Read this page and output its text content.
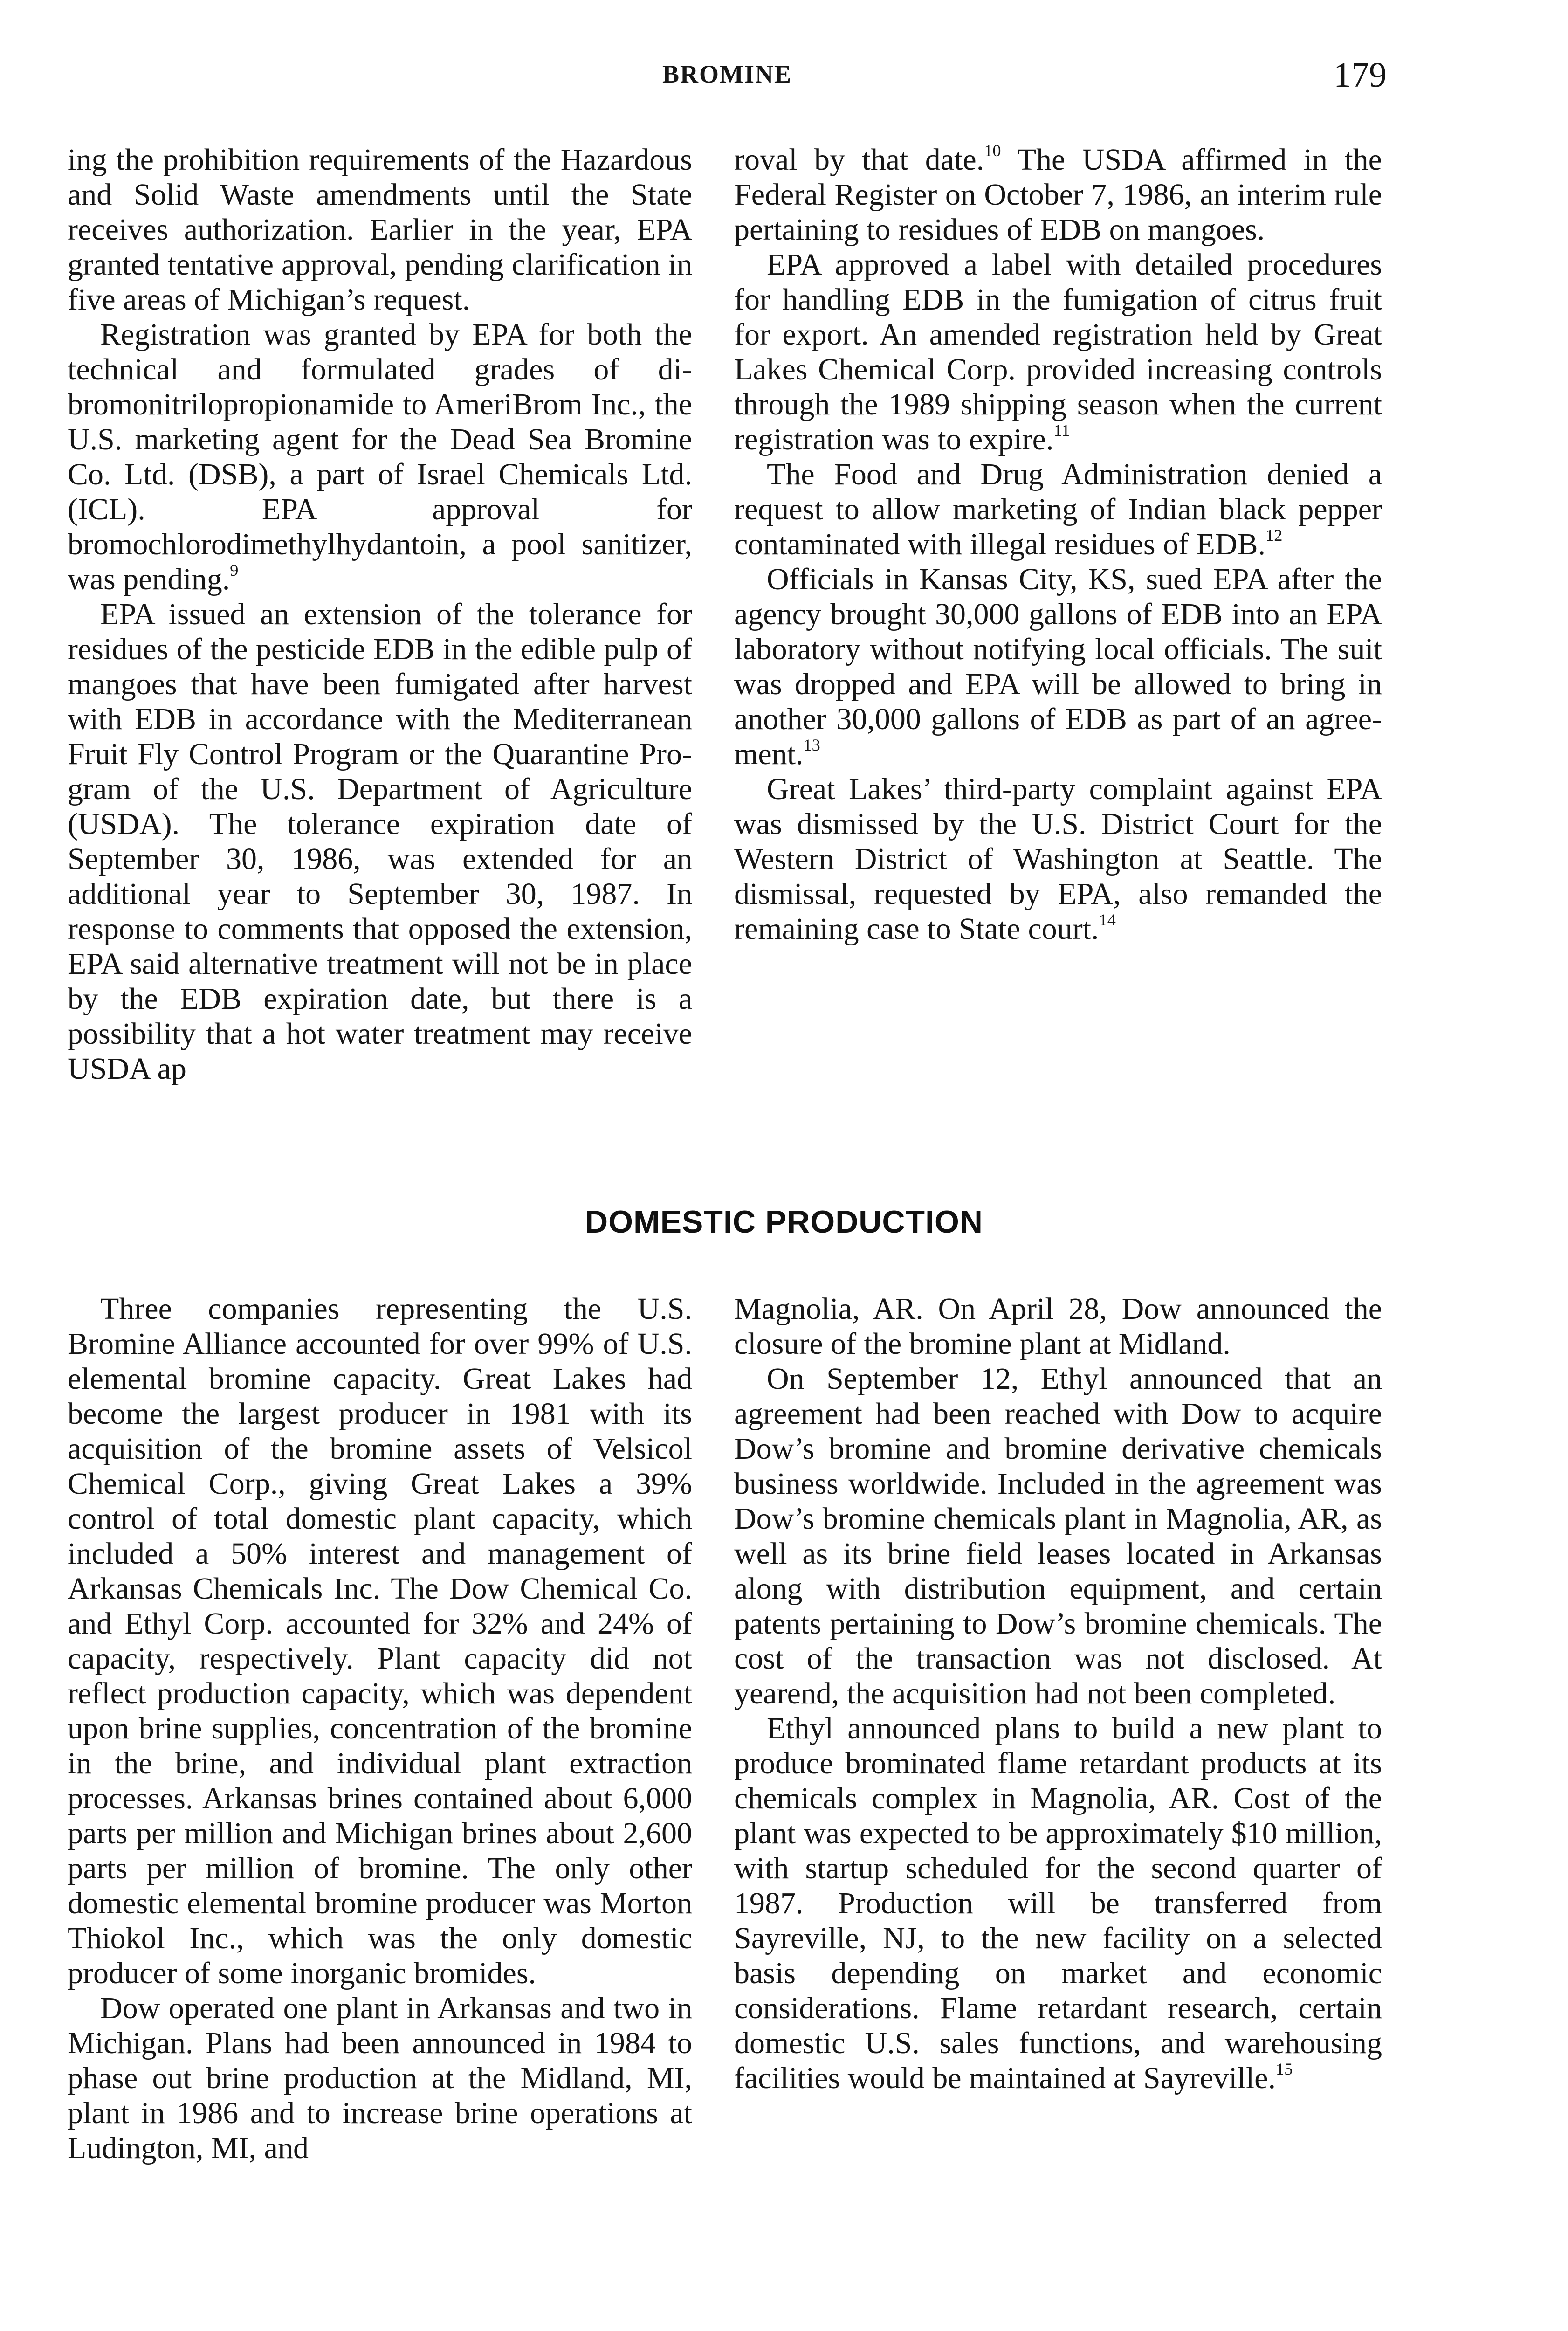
BROMINE	179

ing the prohibition requirements of the Hazardous and Solid Waste amendments until the State receives authorization. Earlier in the year, EPA granted tentative approval, pending clarification in five areas of Michigan’s request.

Registration was granted by EPA for both the technical and formulated grades of dibromonitrilopropionamide to AmeriBrom Inc., the U.S. marketing agent for the Dead Sea Bromine Co. Ltd. (DSB), a part of Israel Chemicals Ltd. (ICL). EPA approval for bromochlorodimethylhydantoin, a pool sanitizer, was pending.$^9$

EPA issued an extension of the tolerance for residues of the pesticide EDB in the edible pulp of mangoes that have been fumigated after harvest with EDB in accordance with the Mediterranean Fruit Fly Control Program or the Quarantine Program of the U.S. Department of Agriculture (USDA). The tolerance expiration date of September 30, 1986, was extended for an additional year to September 30, 1987. In response to comments that opposed the extension, EPA said alternative treatment will not be in place by the EDB expiration date, but there is a possibility that a hot water treatment may receive USDA ap

roval by that date.$^{10}$ The USDA affirmed in the Federal Register on October 7, 1986, an interim rule pertaining to residues of EDB on mangoes.

EPA approved a label with detailed procedures for handling EDB in the fumigation of citrus fruit for export. An amended registration held by Great Lakes Chemical Corp. provided increasing controls through the 1989 shipping season when the current registration was to expire.$^{11}$

The Food and Drug Administration denied a request to allow marketing of Indian black pepper contaminated with illegal residues of EDB.$^{12}$

Officials in Kansas City, KS, sued EPA after the agency brought 30,000 gallons of EDB into an EPA laboratory without notifying local officials. The suit was dropped and EPA will be allowed to bring in another 30,000 gallons of EDB as part of an agreement.$^{13}$

Great Lakes’ third-party complaint against EPA was dismissed by the U.S. District Court for the Western District of Washington at Seattle. The dismissal, requested by EPA, also remanded the remaining case to State court.$^{14}$

DOMESTIC PRODUCTION

Three companies representing the U.S. Bromine Alliance accounted for over 99% of U.S. elemental bromine capacity. Great Lakes had become the largest producer in 1981 with its acquisition of the bromine assets of Velsicol Chemical Corp., giving Great Lakes a 39% control of total domestic plant capacity, which included a 50% interest and management of Arkansas Chemicals Inc. The Dow Chemical Co. and Ethyl Corp. accounted for 32% and 24% of capacity, respectively. Plant capacity did not reflect production capacity, which was dependent upon brine supplies, concentration of the bromine in the brine, and individual plant extraction processes. Arkansas brines contained about 6,000 parts per million and Michigan brines about 2,600 parts per million of bromine. The only other domestic elemental bromine producer was Morton Thiokol Inc., which was the only domestic producer of some inorganic bromides.

Dow operated one plant in Arkansas and two in Michigan. Plans had been announced in 1984 to phase out brine production at the Midland, MI, plant in 1986 and to increase brine operations at Ludington, MI, and

Magnolia, AR. On April 28, Dow announced the closure of the bromine plant at Midland.

On September 12, Ethyl announced that an agreement had been reached with Dow to acquire Dow’s bromine and bromine derivative chemicals business worldwide. Included in the agreement was Dow’s bromine chemicals plant in Magnolia, AR, as well as its brine field leases located in Arkansas along with distribution equipment, and certain patents pertaining to Dow’s bromine chemicals. The cost of the transaction was not disclosed. At yearend, the acquisition had not been completed.

Ethyl announced plans to build a new plant to produce brominated flame retardant products at its chemicals complex in Magnolia, AR. Cost of the plant was expected to be approximately $10 million, with startup scheduled for the second quarter of 1987. Production will be transferred from Sayreville, NJ, to the new facility on a selected basis depending on market and economic considerations. Flame retardant research, certain domestic U.S. sales functions, and warehousing facilities would be maintained at Sayreville.$^{15}$
